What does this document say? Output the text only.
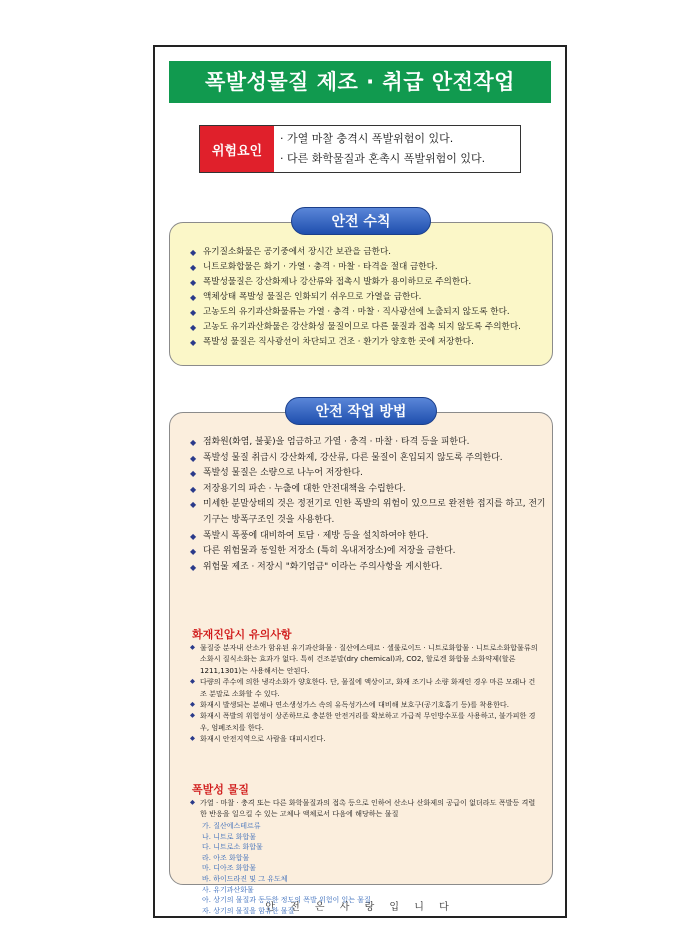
폭발성물질 제조 · 취급 안전작업
위험요인
· 가열 마찰 충격시 폭발위험이 있다.
· 다른 화학물질과 혼촉시 폭발위험이 있다.
◆ 유기질소화물은 공기중에서 장시간 보관을 금한다.
◆ 니트로화합물은 화기 · 가열 · 충격 · 마찰 · 타격을 절대 금한다.
◆ 폭발성물질은 강산화제나 강산류와 접촉시 발화가 용이하므로 주의한다.
◆ 액체상태 폭발성 물질은 인화되기 쉬우므로 가열을 금한다.
◆ 고농도의 유기과산화물류는 가열 · 충격 · 마찰 · 직사광선에 노출되지 않도록 한다.
◆ 고농도 유기과산화물은 강산화성 물질이므로 다른 물질과 접촉 되지 않도록 주의한다.
◆ 폭발성 물질은 직사광선이 차단되고 건조 · 환기가 양호한 곳에 저장한다.
안전 수칙
◆ 점화원(화염, 불꽃)을 엄금하고 가열 · 충격 · 마찰 · 타격 등을 피한다.
◆ 폭발성 물질 취급시 강산화제, 강산류, 다른 물질이 혼입되지 않도록 주의한다.
◆ 폭발성 물질은 소량으로 나누어 저장한다.
◆ 저장용기의 파손 · 누출에 대한 안전대책을 수립한다.
◆ 미세한 분말상태의 것은 정전기로 인한 폭발의 위험이 있으므로 완전한 접지를 하고, 전기기구는 방폭구조인 것을 사용한다.
◆ 폭발시 폭풍에 대비하여 토담 · 제방 등을 설치하여야 한다.
◆ 다른 위험물과 동일한 저장소 (특히 옥내저장소)에 저장을 금한다.
◆ 위험물 제조 · 저장시 "화기엄금" 이라는 주의사항을 게시한다.
화재진압시 유의사항
◆ 물질중 분자내 산소가 함유된 유기과산화물 · 질산에스테르 · 셀룰로이드 · 니트로화합물 · 니트로소화합물류의 소화시 질식소화는 효과가 없다. 특히 건조분말(dry chemical)과, CO2, 할로겐 화합물 소화약제(할론 1211,1301)는 사용해서는 안된다.
◆ 다량의 주수에 의한 냉각소화가 양호한다. 단, 물질에 액상이고, 화재 조기나 소량 화재인 경우 마른 모래나 건조 분말로 소화할 수 있다.
◆ 화재시 발생되는 분해나 연소생성가스 속의 유독성가스에 대비해 보호구(공기호흡기 등)를 착용한다.
◆ 화재시 폭발의 위험성이 상존하므로 충분한 안전거리를 확보하고 가급적 무인방수포를 사용하고, 불가피한 경우, 엄폐조치를 한다.
◆ 화재시 안전지역으로 사람을 대피시킨다.
폭발성 물질
◆ 가열 · 마찰 · 충격 또는 다른 화학물질과의 접촉 등으로 인하여 산소나 산화제의 공급이 없더라도 폭발등 격렬한 반응을 일으킬 수 있는 고체나 액체로서 다음에 해당하는 물질
가. 질산에스테르류
나. 니트로 화합물
다. 니트로소 화합물
라. 아조 화합물
마. 디아조 화합물
바. 하이드라진 및 그 유도체
사. 유기과산화물
아. 상기의 물질과 동등한 정도의 폭발 위험이 있는 물질
자. 상기의 물질을 함유한 물질
안전 작업 방법
안 전 은 사 랑 입 니 다
